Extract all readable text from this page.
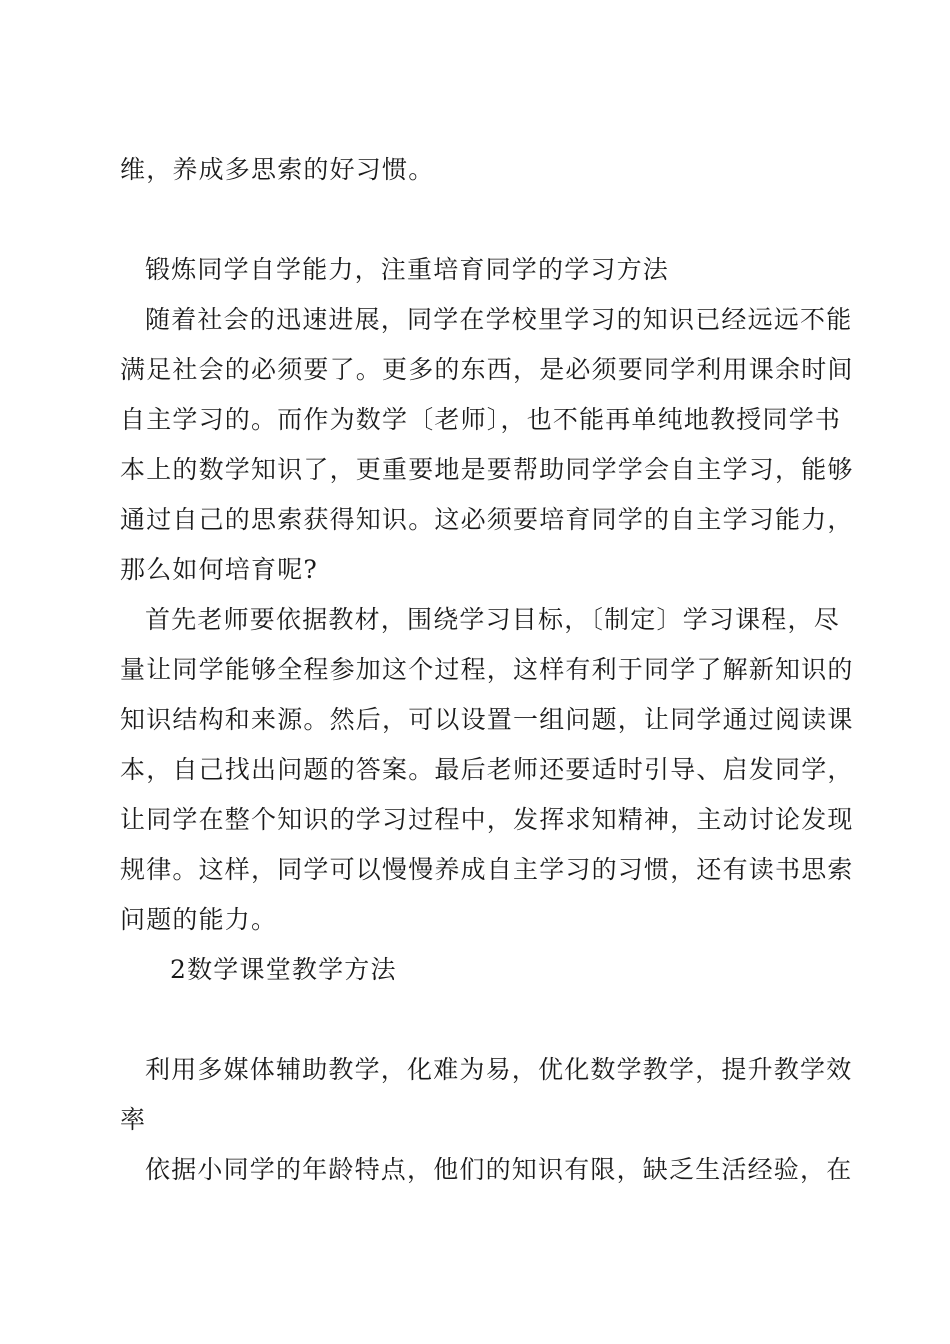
维，养成多思索的好习惯。
锻炼同学自学能力，注重培育同学的学习方法
随着社会的迅速进展，同学在学校里学习的知识已经远远不能
满足社会的必须要了。更多的东西，是必须要同学利用课余时间
自主学习的。而作为数学〔老师〕，也不能再单纯地教授同学书
本上的数学知识了，更重要地是要帮助同学学会自主学习，能够
通过自己的思索获得知识。这必须要培育同学的自主学习能力，
那么如何培育呢?
首先老师要依据教材，围绕学习目标，〔制定〕学习课程，尽
量让同学能够全程参加这个过程，这样有利于同学了解新知识的
知识结构和来源。然后，可以设置一组问题，让同学通过阅读课
本，自己找出问题的答案。最后老师还要适时引导、启发同学，
让同学在整个知识的学习过程中，发挥求知精神，主动讨论发现
规律。这样，同学可以慢慢养成自主学习的习惯，还有读书思索
问题的能力。
2数学课堂教学方法
利用多媒体辅助教学，化难为易，优化数学教学，提升教学效
率
依据小同学的年龄特点，他们的知识有限，缺乏生活经验，在
